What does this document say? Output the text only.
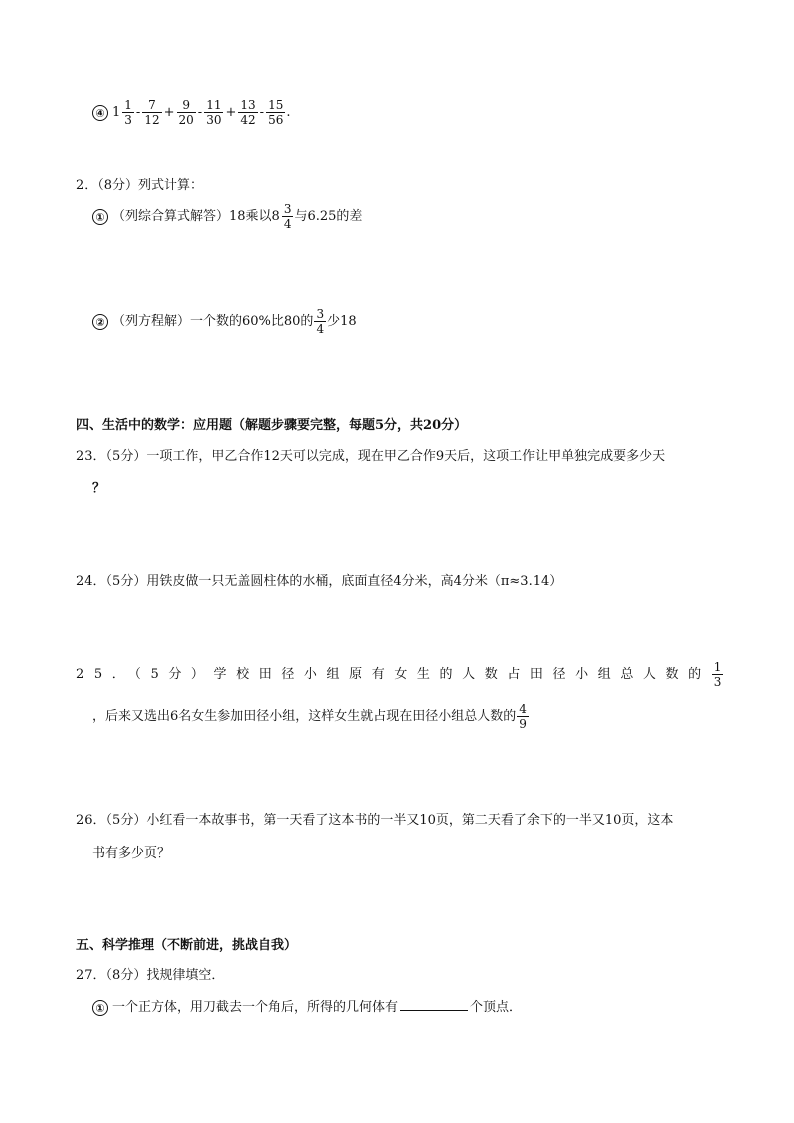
④ $1 \frac{1}{3} - \frac{7}{12} + \frac{9}{20} - \frac{11}{30} + \frac{13}{42} - \frac{15}{56}$ .
2．（8分）列式计算：
① （列综合算式解答）18乘以$8 \frac{3}{4}$ 与6.25的差
② （列方程解）一个数的60%比80的 $\frac{3}{4}$ 少18
四、生活中的数学：应用题（解题步骤要完整，每题5分，共20分）
23．（5分）一项工作，甲乙合作12天可以完成，现在甲乙合作9天后，这项工作让甲单独完成要多少天
？
24．（5分）用铁皮做一只无盖圆柱体的水桶，底面直径4分米，高4分米（π≈3.14）
25．（5分）学校田径小组原有女生的人数占田径小组总人数的 $\frac{1}{3}$
，后来又选出6名女生参加田径小组，这样女生就占现在田径小组总人数的 $\frac{4}{9}$
26．（5分）小红看一本故事书，第一天看了这本书的一半又10页，第二天看了余下的一半又10页，这本
书有多少页？
五、科学推理（不断前进，挑战自我）
27．（8分）找规律填空．
① 一个正方体，用刀截去一个角后，所得的几何体有	个顶点．
